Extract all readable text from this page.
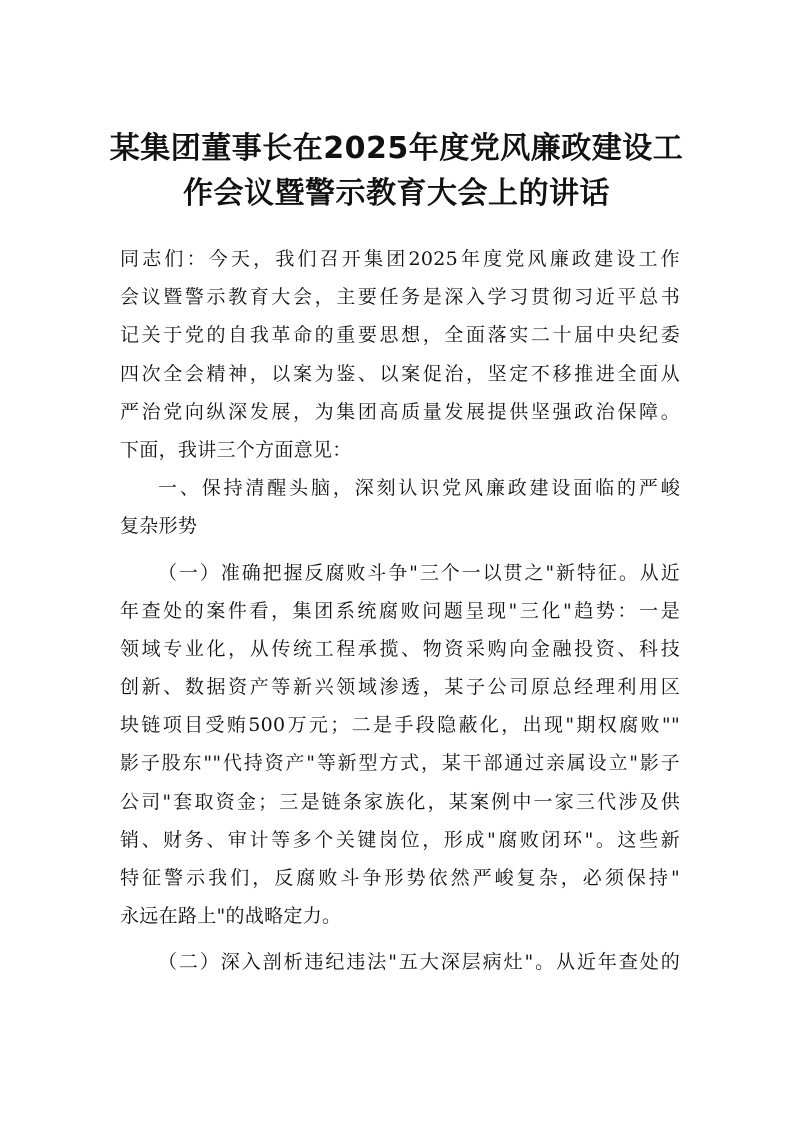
某集团董事长在2025年度党风廉政建设工
作会议暨警示教育大会上的讲话
同志们：今天，我们召开集团2025年度党风廉政建设工作
会议暨警示教育大会，主要任务是深入学习贯彻习近平总书
记关于党的自我革命的重要思想，全面落实二十届中央纪委
四次全会精神，以案为鉴、以案促治，坚定不移推进全面从
严治党向纵深发展，为集团高质量发展提供坚强政治保障。
下面，我讲三个方面意见：
一、保持清醒头脑，深刻认识党风廉政建设面临的严峻
复杂形势
（一）准确把握反腐败斗争"三个一以贯之"新特征。从近
年查处的案件看，集团系统腐败问题呈现"三化"趋势：一是
领域专业化，从传统工程承揽、物资采购向金融投资、科技
创新、数据资产等新兴领域渗透，某子公司原总经理利用区
块链项目受贿500万元；二是手段隐蔽化，出现"期权腐败""
影子股东""代持资产"等新型方式，某干部通过亲属设立"影子
公司"套取资金；三是链条家族化，某案例中一家三代涉及供
销、财务、审计等多个关键岗位，形成"腐败闭环"。这些新
特征警示我们，反腐败斗争形势依然严峻复杂，必须保持"
永远在路上"的战略定力。
（二）深入剖析违纪违法"五大深层病灶"。从近年查处的
